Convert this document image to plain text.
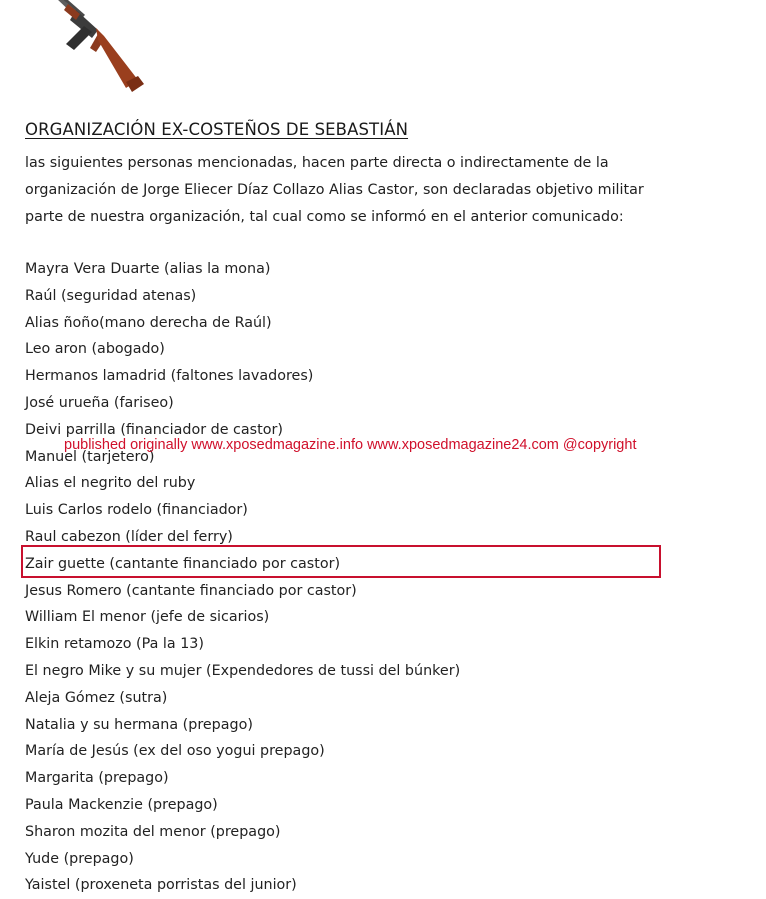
ORGANIZACIÓN EX-COSTEÑOS DE SEBASTIÁN
las siguientes personas mencionadas, hacen parte directa o indirectamente de la
organización de Jorge Eliecer Díaz Collazo Alias Castor, son declaradas objetivo militar
parte de nuestra organización, tal cual como se informó en el anterior comunicado:
Mayra Vera Duarte (alias la mona)
Raúl (seguridad atenas)
Alias ñoño(mano derecha de Raúl)
Leo aron (abogado)
Hermanos lamadrid (faltones lavadores)
José urueña (fariseo)
Deivi parrilla (financiador de castor)
Manuel (tarjetero)
Alias el negrito del ruby
Luis Carlos rodelo (financiador)
Raul cabezon (líder del ferry)
Zair guette (cantante financiado por castor)
Jesus Romero (cantante financiado por castor)
William El menor (jefe de sicarios)
Elkin retamozo (Pa la 13)
El negro Mike y su mujer (Expendedores de tussi del búnker)
Aleja Gómez (sutra)
Natalia y su hermana (prepago)
María de Jesús (ex del oso yogui prepago)
Margarita (prepago)
Paula Mackenzie (prepago)
Sharon mozita del menor (prepago)
Yude (prepago)
Yaistel (proxeneta porristas del junior)
published originally www.xposedmagazine.info www.xposedmagazine24.com @copyright
